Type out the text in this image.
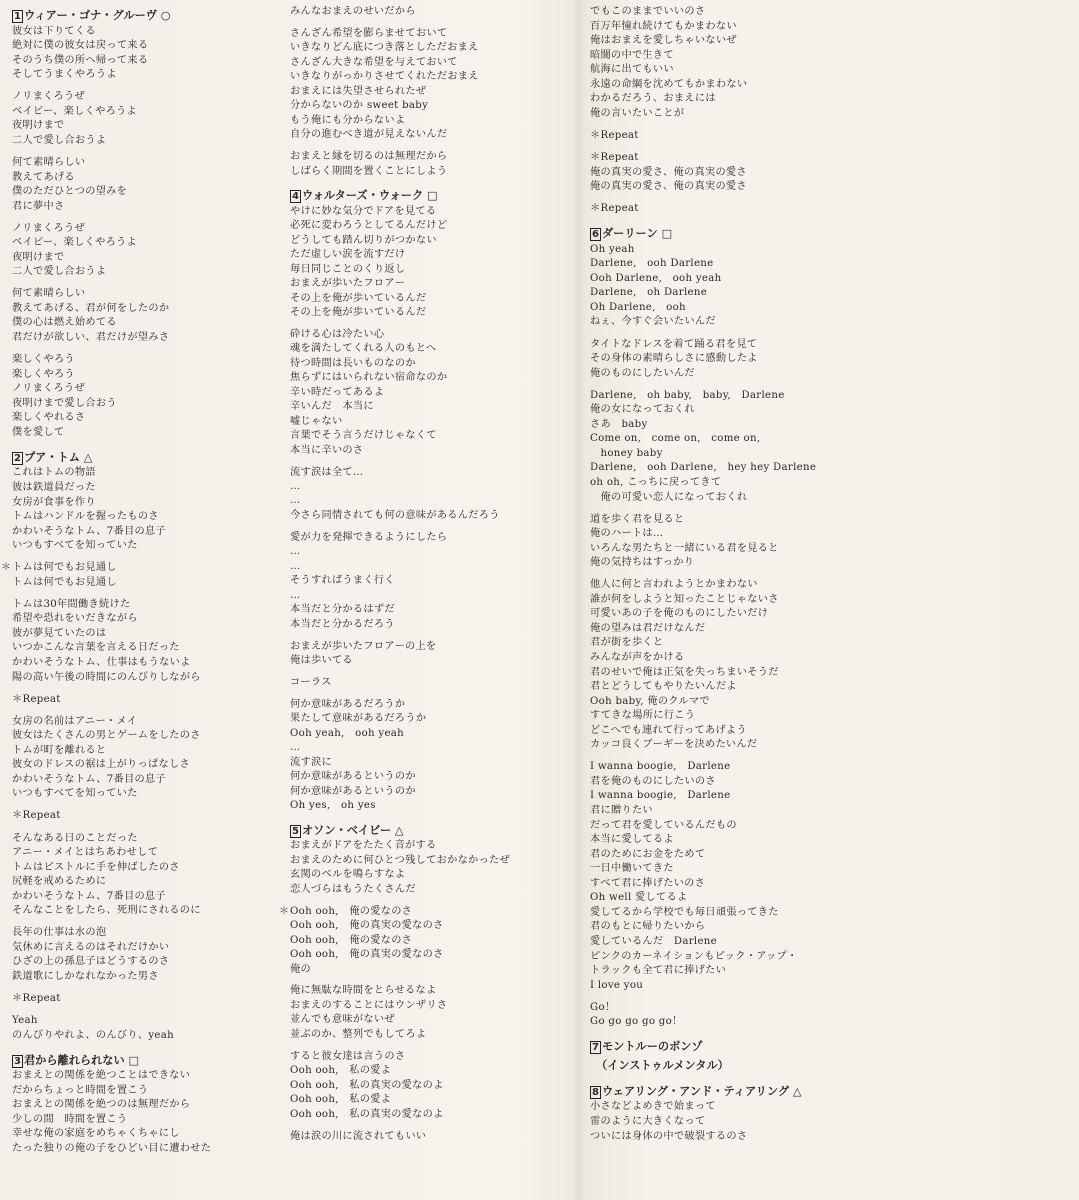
1 ウィアー・ゴナ・グルーヴ ○
彼女は下りてくる
絶対に僕の彼女は戻って来る
そのうち僕の所へ帰って来る
そしてうまくやろうよ
ノリまくろうぜ
ベイビー、楽しくやろうよ
夜明けまで
二人で愛し合おうよ
何て素晴らしい
教えてあげる
僕のただひとつの望みを
君に夢中さ
ノリまくろうぜ
ベイビー、楽しくやろうよ
夜明けまで
二人で愛し合おうよ
何て素晴らしい
教えてあげる、君が何をしたのか
僕の心は燃え始めてる
君だけが欲しい、君だけが望みさ
楽しくやろう
楽しくやろう
ノリまくろうぜ
夜明けまで愛し合おう
楽しくやれるさ
僕を愛して
2 プア・トム △
これはトムの物語
彼は鉄道員だった
女房が食事を作り
トムはハンドルを握ったものさ
かわいそうなトム、7番目の息子
いつもすべてを知っていた
トムは何でもお見通し
＊
トムは何でもお見通し
トムは30年間働き続けた
希望や恐れをいだきながら
彼が夢見ていたのは
いつかこんな言葉を言える日だった
かわいそうなトム、仕事はもうないよ
陽の高い午後の時間にのんびりしながら
＊Repeat
女房の名前はアニー・メイ
彼女はたくさんの男とゲームをしたのさ
トムが町を離れると
彼女のドレスの裾は上がりっぱなしさ
かわいそうなトム、7番目の息子
いつもすべてを知っていた
＊Repeat
そんなある日のことだった
アニー・メイとはちあわせして
トムはピストルに手を伸ばしたのさ
尻軽を戒めるために
かわいそうなトム、7番目の息子
そんなことをしたら、死刑にされるのに
長年の仕事は水の泡
気休めに言えるのはそれだけかい
ひざの上の孫息子はどうするのさ
鉄道歌にしかなれなかった男さ
＊Repeat
Yeah
のんびりやれよ、のんびり、yeah
3 君から離れられない □
おまえとの関係を絶つことはできない
だからちょっと時間を置こう
おまえとの関係を絶つのは無理だから
少しの間　時間を置こう
幸せな俺の家庭をめちゃくちゃにし
たった独りの俺の子をひどい目に遭わせた
みんなおまえのせいだから
さんざん希望を膨らませておいて
いきなりどん底につき落としただおまえ
さんざん大きな希望を与えておいて
いきなりがっかりさせてくれただおまえ
おまえには失望させられたぜ
分からないのか sweet baby
もう俺にも分からないよ
自分の進むべき道が見えないんだ
おまえと縁を切るのは無理だから
しばらく期間を置くことにしよう
4 ウォルターズ・ウォーク □
やけに妙な気分でドアを見てる
必死に変わろうとしてるんだけど
どうしても踏ん切りがつかない
ただ虚しい涙を流すだけ
毎日同じことのくり返し
おまえが歩いたフロアー
その上を俺が歩いているんだ
その上を俺が歩いているんだ
砕ける心は冷たい心
魂を満たしてくれる人のもとへ
待つ時間は長いものなのか
焦らずにはいられない宿命なのか
辛い時だってあるよ
辛いんだ　本当に
嘘じゃない
言葉でそう言うだけじゃなくて
本当に辛いのさ
流す涙は全て…
…
…
今さら同情されても何の意味があるんだろう
愛が力を発揮できるようにしたら
…
…
そうすればうまく行く
…
本当だと分かるはずだ
本当だと分かるだろう
おまえが歩いたフロアーの上を
俺は歩いてる
コーラス
何か意味があるだろうか
果たして意味があるだろうか
Ooh yeah,　ooh yeah
…
流す涙に
何か意味があるというのか
何か意味があるというのか
Oh yes,　oh yes
5 オソン・ベイビー △
おまえがドアをたたく音がする
おまえのために何ひとつ残しておかなかったぜ
玄関のベルを鳴らすなよ
恋人づらはもうたくさんだ
Ooh ooh,　俺の愛なのさ
＊
Ooh ooh,　俺の真実の愛なのさ
Ooh ooh,　俺の愛なのさ
Ooh ooh,　俺の真実の愛なのさ
俺の
俺に無駄な時間をとらせるなよ
おまえのすることにはウンザリさ
並んでも意味がないぜ
並ぶのか、整列でもしてろよ
すると彼女達は言うのさ
Ooh ooh,　私の愛よ
Ooh ooh,　私の真実の愛なのよ
Ooh ooh,　私の愛よ
Ooh ooh,　私の真実の愛なのよ
俺は涙の川に流されてもいい
でもこのままでいいのさ
百万年憧れ続けてもかまわない
俺はおまえを愛しちゃいないぜ
暗闇の中で生きて
航海に出てもいい
永遠の命綱を沈めてもかまわない
わかるだろう、おまえには
俺の言いたいことが
＊Repeat
＊Repeat
俺の真実の愛さ、俺の真実の愛さ
俺の真実の愛さ、俺の真実の愛さ
＊Repeat
6 ダーリーン □
Oh yeah
Darlene,　ooh Darlene
Ooh Darlene,　ooh yeah
Darlene,　oh Darlene
Oh Darlene,　ooh
ねぇ、今すぐ会いたいんだ
タイトなドレスを着て踊る君を見て
その身体の素晴らしさに感動したよ
俺のものにしたいんだ
Darlene,　oh baby,　baby,　Darlene
俺の女になっておくれ
さあ　baby
Come on,　come on,　come on,
　honey baby
Darlene,　ooh Darlene,　hey hey Darlene
oh oh, こっちに戻ってきて
　俺の可愛い恋人になっておくれ
道を歩く君を見ると
俺のハートは…
いろんな男たちと一緒にいる君を見ると
俺の気持ちはすっかり
他人に何と言われようとかまわない
誰が何をしようと知ったことじゃないさ
可愛いあの子を俺のものにしたいだけ
俺の望みは君だけなんだ
君が街を歩くと
みんなが声をかける
君のせいで俺は正気を失っちまいそうだ
君とどうしてもやりたいんだよ
Ooh baby, 俺のクルマで
すてきな場所に行こう
どこへでも連れて行ってあげよう
カッコ良くブーギーを決めたいんだ
I wanna boogie,　Darlene
君を俺のものにしたいのさ
I wanna boogie,　Darlene
君に贈りたい
だって君を愛しているんだもの
本当に愛してるよ
君のためにお金をためて
一日中働いてきた
すべて君に捧げたいのさ
Oh well 愛してるよ
愛してるから学校でも毎日頑張ってきた
君のもとに帰りたいから
愛しているんだ　Darlene
ピンクのカーネイションもピック・アップ・
トラックも全て君に捧げたい
I love you
Go！
Go go go go go！
7 モントルーのボンゾ
（インストゥルメンタル）
8 ウェアリング・アンド・ティアリング △
小さなどよめきで始まって
雷のように大きくなって
ついには身体の中で破裂するのさ
